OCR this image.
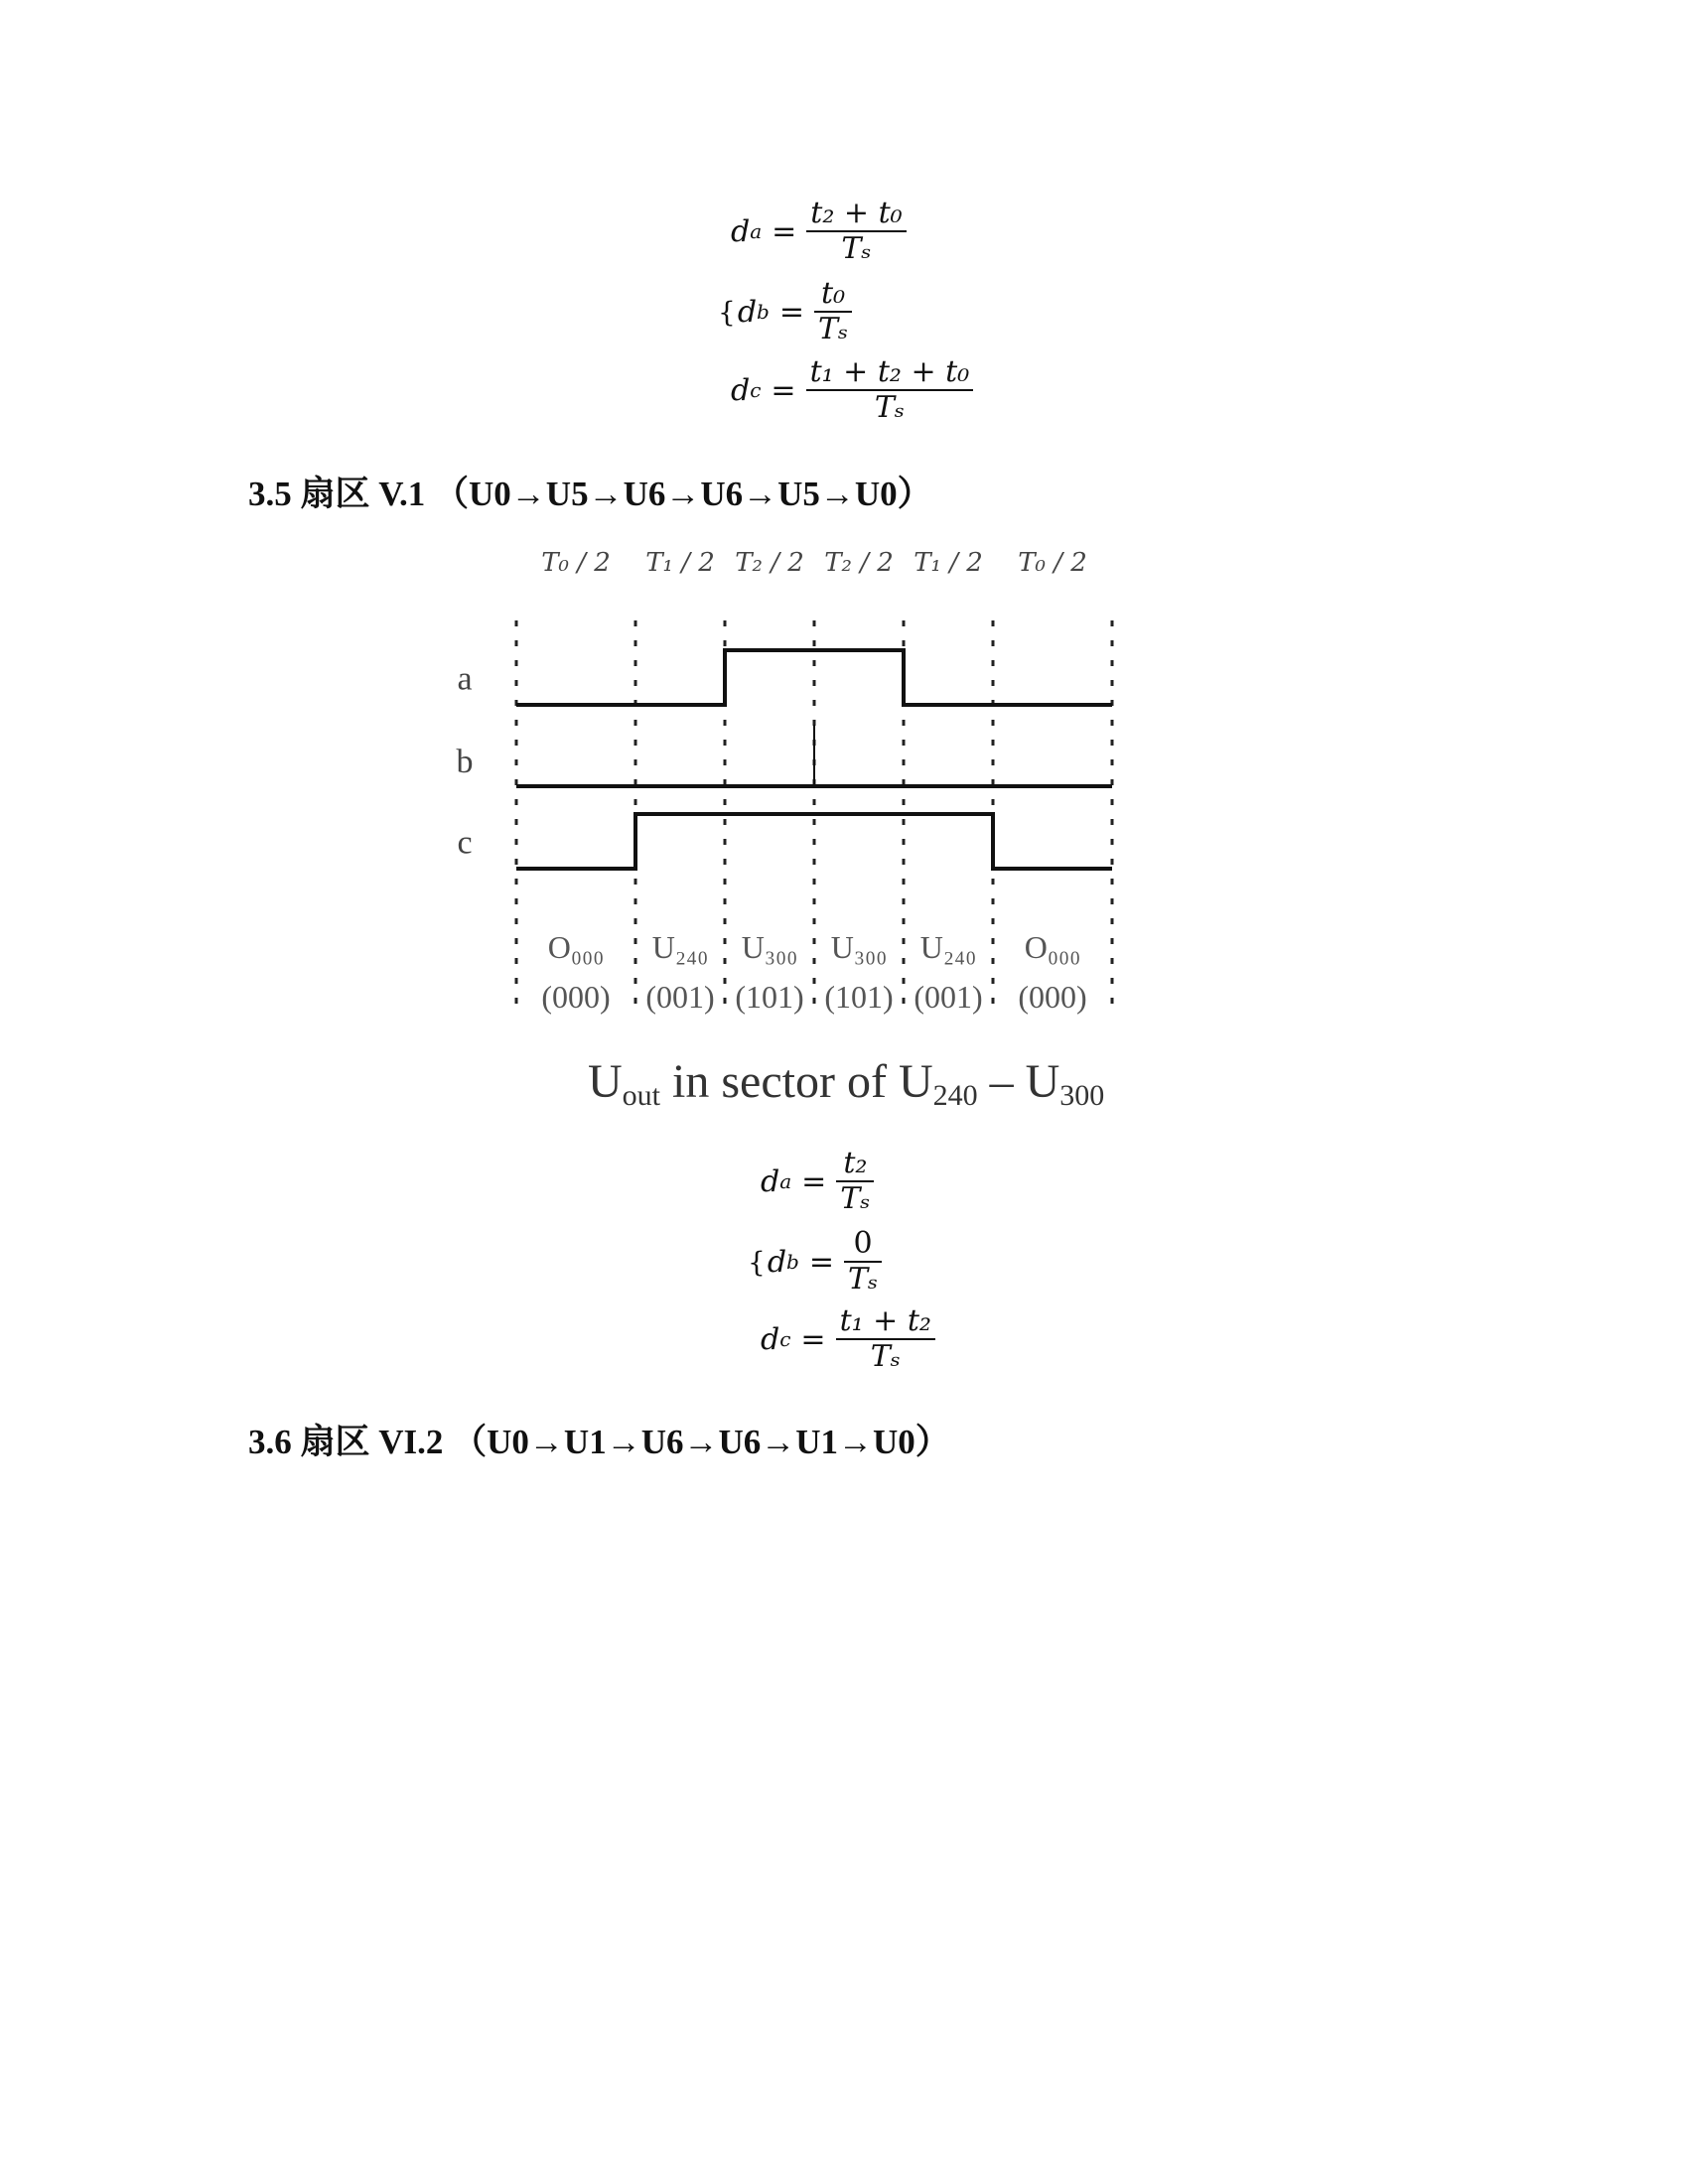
d $a = \frac{\text{t₂ + t₀}}{\text{Tₛ}}$
{ d $b = \frac{\text{t₀}}{\text{Tₛ}}$
d $c = \frac{\text{t₁ + t₂ + t₀}}{\text{Tₛ}}$
3.5 扇区 V.1 （U0→U5→U6→U6→U5→U0）
T₀ / 2
O₀₀₀
(000)
T₁ / 2
U₂₄₀
(001)
T₂ / 2
U₃₀₀
(101)
T₂ / 2
U₃₀₀
(101)
T₁ / 2
U₂₄₀
(001)
T₀ / 2
O₀₀₀
(000)
a
b
c
Uout in sector of U240 – U300
d $a = \frac{\text{t₂}}{\text{Tₛ}}$
{ d $b = \frac{0}{\text{Tₛ}}$
d $c = \frac{\text{t₁ + t₂}}{\text{Tₛ}}$
3.6 扇区 VI.2 （U0→U1→U6→U6→U1→U0）
